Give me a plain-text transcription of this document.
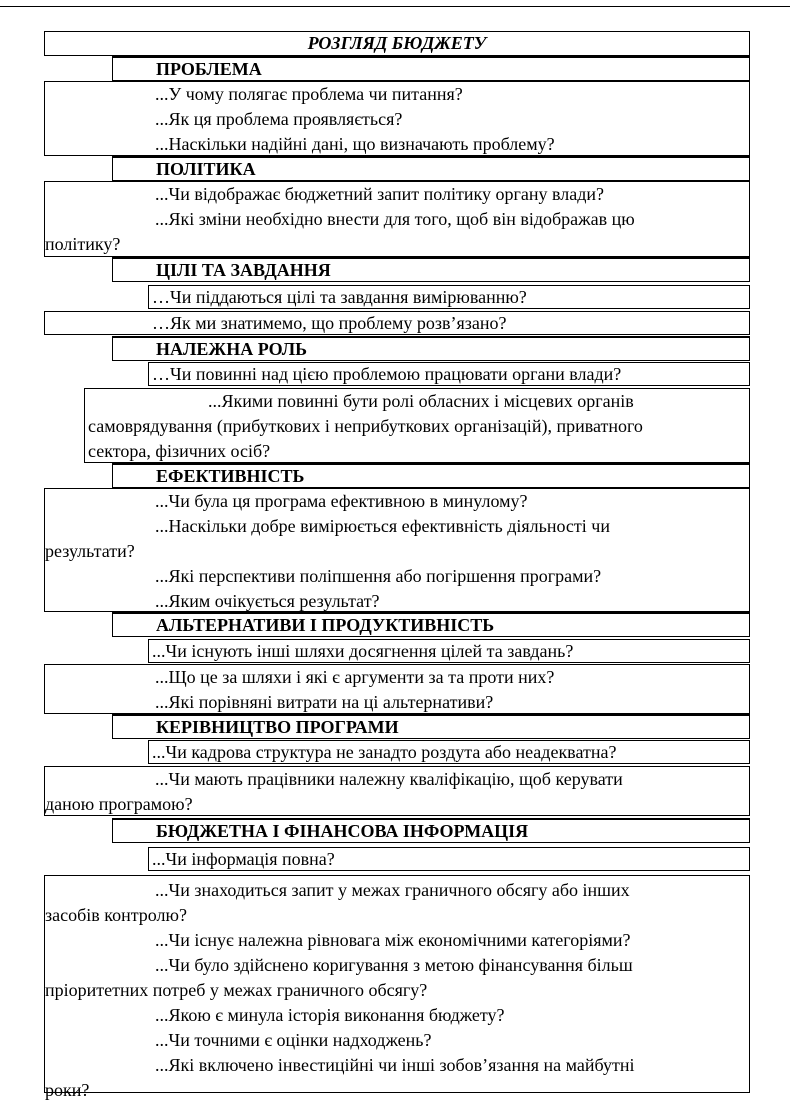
РОЗГЛЯД БЮДЖЕТУ
ПРОБЛЕМА
...У чому полягає проблема чи питання?
...Як ця проблема проявляється?
...Наскільки надійні дані, що визначають проблему?
ПОЛІТИКА
...Чи відображає бюджетний запит політику органу влади?
...Які зміни необхідно внести для того, щоб він відображав цю
політику?
ЦІЛІ ТА ЗАВДАННЯ
…Чи піддаються цілі та завдання вимірюванню?
…Як ми знатимемо, що проблему розв’язано?
НАЛЕЖНА РОЛЬ
…Чи повинні над цією проблемою працювати органи влади?
...Якими повинні бути ролі обласних і місцевих органів
самоврядування (прибуткових і неприбуткових організацій), приватного
сектора, фізичних осіб?
ЕФЕКТИВНІСТЬ
...Чи була ця програма ефективною в минулому?
...Наскільки добре вимірюється ефективність діяльності чи
результати?
...Які перспективи поліпшення або погіршення програми?
...Яким очікується результат?
АЛЬТЕРНАТИВИ І ПРОДУКТИВНІСТЬ
...Чи існують інші шляхи досягнення цілей та завдань?
...Що це за шляхи і які є аргументи за та проти них?
...Які порівняні витрати на ці альтернативи?
КЕРІВНИЦТВО ПРОГРАМИ
...Чи кадрова структура не занадто роздута або неадекватна?
...Чи мають працівники належну кваліфікацію, щоб керувати
даною програмою?
БЮДЖЕТНА І ФІНАНСОВА ІНФОРМАЦІЯ
...Чи інформація повна?
...Чи знаходиться запит у межах граничного обсягу або інших
засобів контролю?
...Чи існує належна рівновага між економічними категоріями?
...Чи було здійснено коригування з метою фінансування більш
пріоритетних потреб у межах граничного обсягу?
...Якою є минула історія виконання бюджету?
...Чи точними є оцінки надходжень?
...Які включено інвестиційні чи інші зобов’язання на майбутні
роки?
